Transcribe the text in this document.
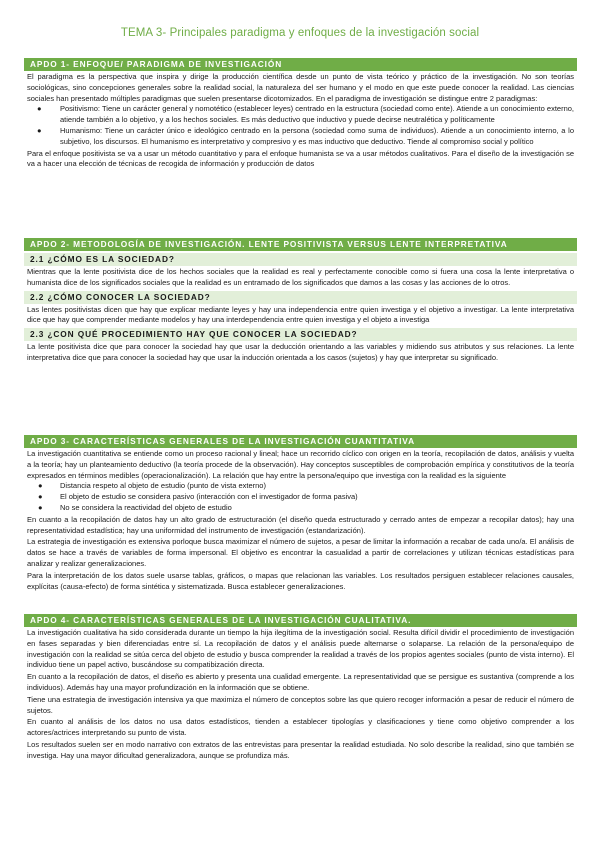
TEMA 3- Principales paradigma y enfoques de la investigación social
APDO 1- ENFOQUE/ PARADIGMA DE INVESTIGACIÓN
El paradigma es la perspectiva que inspira y dirige la producción científica desde un punto de vista teórico y práctico de la investigación. No son teorías sociológicas, sino concepciones generales sobre la realidad social, la naturaleza del ser humano y el modo en que este puede conocer la realidad. Las ciencias sociales han presentado múltiples paradigmas que suelen presentarse dicotomizados. En el paradigma de investigación se distingue entre 2 paradigmas:
● Positivismo: Tiene un carácter general y nomotético (establecer leyes) centrado en la estructura (sociedad como ente). Atiende a un conocimiento externo, atiende también a lo objetivo, y a los hechos sociales. Es más deductivo que inductivo y puede decirse neutralética y políticamente
● Humanismo: Tiene un carácter único e ideológico centrado en la persona (sociedad como suma de individuos). Atiende a un conocimiento interno, a lo subjetivo, los discursos. El humanismo es interpretativo y compresivo y es mas inductivo que deductivo. Tiende al compromiso social y político
Para el enfoque positivista se va a usar un método cuantitativo y para el enfoque humanista se va a usar métodos cualitativos. Para el diseño de la investigación se va a hacer una elección de técnicas de recogida de información y producción de datos
APDO 2- METODOLOGÍA DE INVESTIGACIÓN. LENTE POSITIVISTA VERSUS LENTE INTERPRETATIVA
2.1 ¿CÓMO ES LA SOCIEDAD?
Mientras que la lente positivista dice de los hechos sociales que la realidad es real y perfectamente conocible como si fuera una cosa la lente interpretativa o humanista dice de los significados sociales que la realidad es un entramado de los significados que damos a las cosas y las acciones de lo otros.
2.2 ¿CÓMO CONOCER LA SOCIEDAD?
Las lentes positivistas dicen que hay que explicar mediante leyes y hay una independencia entre quien investiga y el objetivo a investigar. La lente interpretativa dice que hay que comprender mediante modelos y hay una interdependencia entre quien investiga y el objeto a investiga
2.3 ¿CON QUÉ PROCEDIMIENTO HAY QUE CONOCER LA SOCIEDAD?
La lente positivista dice que para conocer la sociedad hay que usar la deducción orientando a las variables y midiendo sus atributos y sus relaciones. La lente interpretativa dice que para conocer la sociedad hay que usar la inducción orientada a los casos (sujetos) y hay que interpretar su significado.
APDO 3- CARACTERÍSTICAS GENERALES DE LA INVESTIGACIÓN CUANTITATIVA
La investigación cuantitativa se entiende como un proceso racional y lineal; hace un recorrido cíclico con origen en la teoría, recopilación de datos, análisis y vuelta a la teoría; hay un planteamiento deductivo (la teoría procede de la observación). Hay conceptos susceptibles de comprobación empírica y constitutivos de la teoría expresados en términos medibles (operacionalización). La relación que hay entre la persona/equipo que investiga con la realidad es la siguiente
● Distancia respeto al objeto de estudio (punto de vista externo)
● El objeto de estudio se considera pasivo (interacción con el investigador de forma pasiva)
● No se considera la reactividad del objeto de estudio
En cuanto a la recopilación de datos hay un alto grado de estructuración (el diseño queda estructurado y cerrado antes de empezar a recopilar datos); hay una representatividad estadística; hay una uniformidad del instrumento de investigación (estandarización).
La estrategia de investigación es extensiva porloque busca maximizar el número de sujetos, a pesar de limitar la información a recabar de cada uno/a. El análisis de datos se hace a través de variables de forma impersonal. El objetivo es encontrar la casualidad a partir de correlaciones y utilizan técnicas estadísticas para analizar y realizar generalizaciones.
Para la interpretación de los datos suele usarse tablas, gráficos, o mapas que relacionan las variables. Los resultados persiguen establecer relaciones causales, explícitas (causa-efecto) de forma sintética y sistematizada. Busca establecer generalizaciones.
APDO 4- CARACTERÍSTICAS GENERALES DE LA INVESTIGACIÓN CUALITATIVA.
La investigación cualitativa ha sido considerada durante un tiempo la hija ilegítima de la investigación social. Resulta difícil dividir el procedimiento de investigación en fases separadas y bien diferenciadas entre sí. La recopilación de datos y el análisis puede alternarse o solaparse. La relación de la persona/equipo de investigación con la realidad se sitúa cerca del objeto de estudio y busca comprender la realidad a través de los propios agentes sociales (punto de vista interno). El individuo tiene un papel activo, buscándose su compatibización directa.
En cuanto a la recopilación de datos, el diseño es abierto y presenta una cualidad emergente. La representatividad que se persigue es sustantiva (comprende a los individuos). Además hay una mayor profundización en la información que se obtiene.
Tiene una estrategia de investigación intensiva ya que maximiza el número de conceptos sobre las que quiero recoger información a pesar de reducir el número de sujetos.
En cuanto al análisis de los datos no usa datos estadísticos, tienden a establecer tipologías y clasificaciones y tiene como objetivo comprender a los actores/actrices interpretando su punto de vista.
Los resultados suelen ser en modo narrativo con extratos de las entrevistas para presentar la realidad estudiada. No solo describe la realidad, sino que también se investiga. Hay una mayor dificultad generalizadora, aunque se profundiza más.
